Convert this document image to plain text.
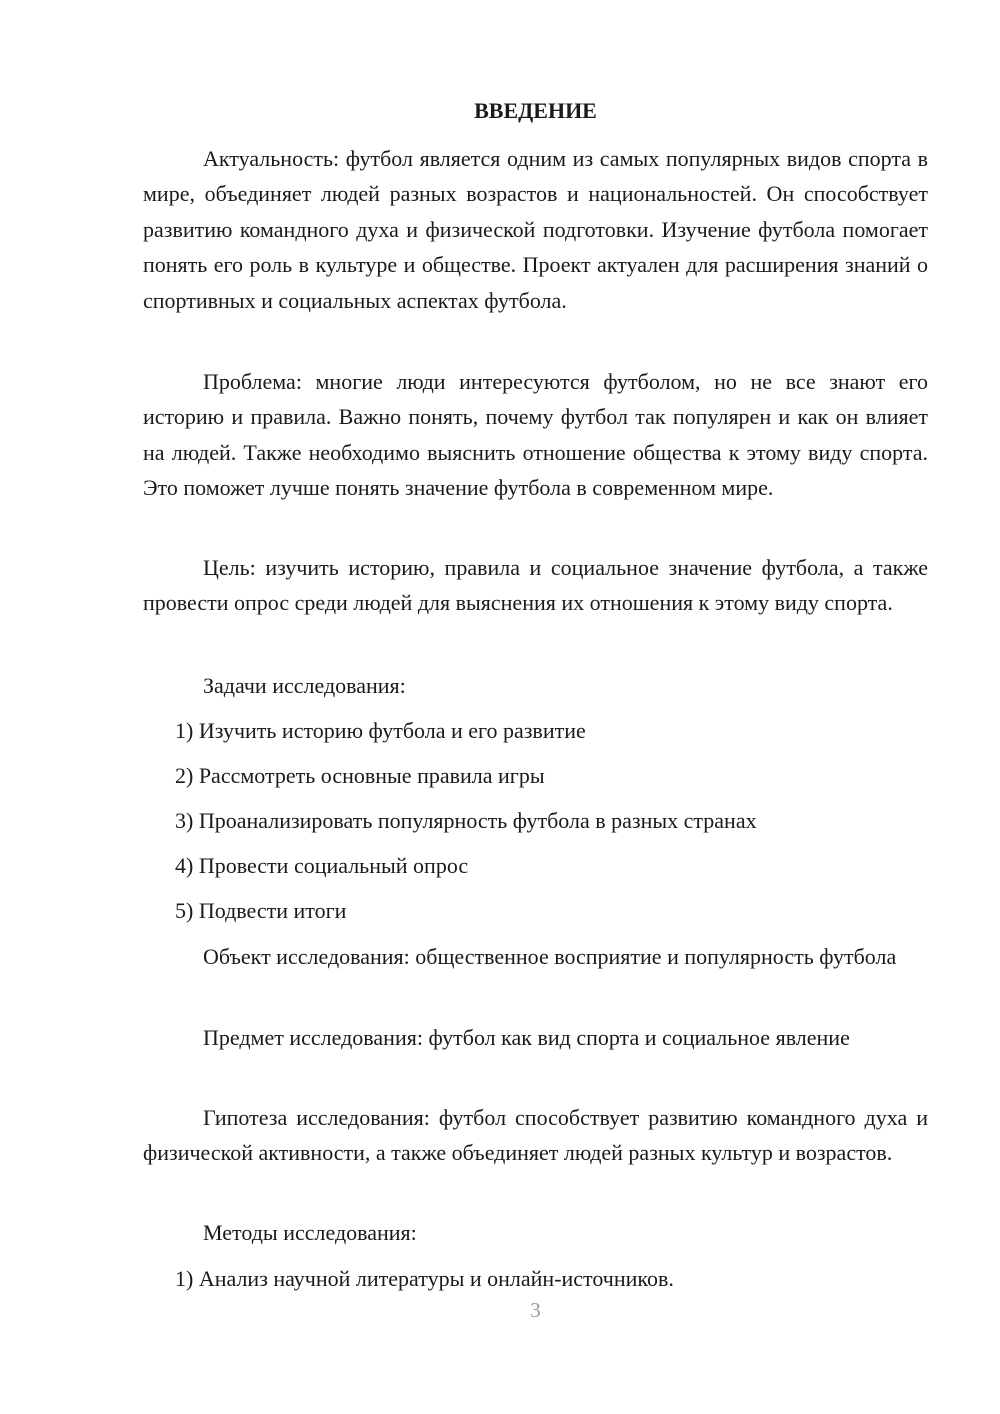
ВВЕДЕНИЕ

Актуальность: футбол является одним из самых популярных видов спорта в мире, объединяет людей разных возрастов и национальностей. Он способствует развитию командного духа и физической подготовки. Изучение футбола помогает понять его роль в культуре и обществе. Проект актуален для расширения знаний о спортивных и социальных аспектах футбола.

Проблема: многие люди интересуются футболом, но не все знают его историю и правила. Важно понять, почему футбол так популярен и как он влияет на людей. Также необходимо выяснить отношение общества к этому виду спорта. Это поможет лучше понять значение футбола в современном мире.

Цель: изучить историю, правила и социальное значение футбола, а также провести опрос среди людей для выяснения их отношения к этому виду спорта.

Задачи исследования:

1) Изучить историю футбола и его развитие

2) Рассмотреть основные правила игры

3) Проанализировать популярность футбола в разных странах

4) Провести социальный опрос

5) Подвести итоги

Объект исследования: общественное восприятие и популярность футбола

Предмет исследования: футбол как вид спорта и социальное явление

Гипотеза исследования: футбол способствует развитию командного духа и физической активности, а также объединяет людей разных культур и возрастов.

Методы исследования:

1) Анализ научной литературы и онлайн-источников.

3
